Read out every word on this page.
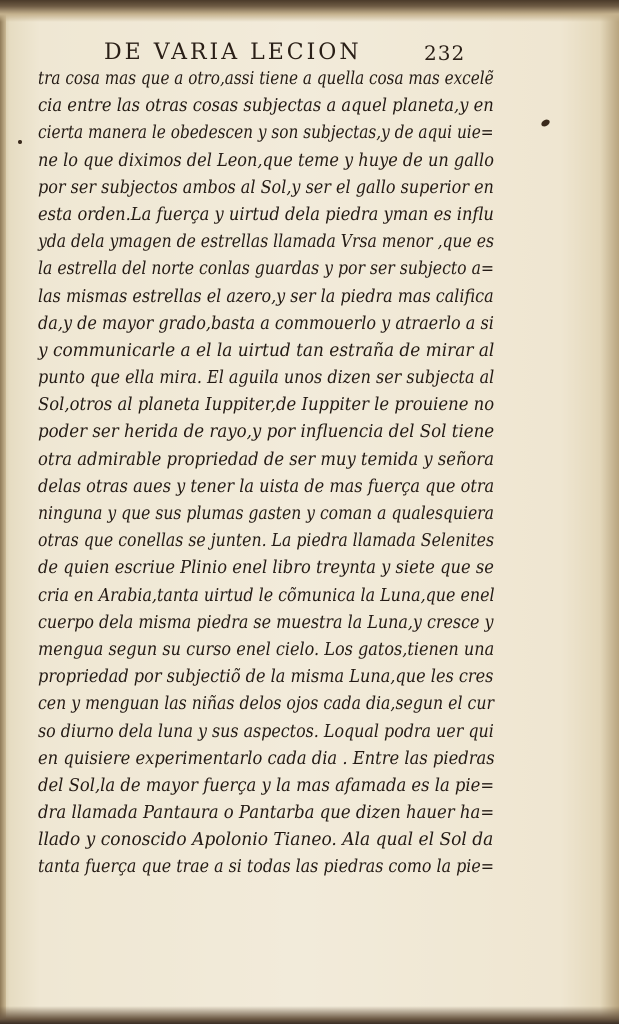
DE VARIA LECION	232
tra cosa mas que a otro,assi tiene a quella cosa mas excelẽ
cia entre las otras cosas subjectas a aquel planeta,y en
cierta manera le obedescen y son subjectas,y de aqui uie=
ne lo que diximos del Leon,que teme y huye de un gallo
por ser subjectos ambos al Sol,y ser el gallo superior en
esta orden.La fuerça y uirtud dela piedra yman es influ
yda dela ymagen de estrellas llamada Vrsa menor ,que es
la estrella del norte conlas guardas y por ser subjecto a=
las mismas estrellas el azero,y ser la piedra mas califica
da,y de mayor grado,basta a commouerlo y atraerlo a si
y communicarle a el la uirtud tan estraña de mirar al
punto que ella mira. El aguila unos dizen ser subjecta al
Sol,otros al planeta Iuppiter,de Iuppiter le prouiene no
poder ser herida de rayo,y por influencia del Sol tiene
otra admirable propriedad de ser muy temida y señora
delas otras aues y tener la uista de mas fuerça que otra
ninguna y que sus plumas gasten y coman a qualesquiera
otras que conellas se junten. La piedra llamada Selenites
de quien escriue Plinio enel libro treynta y siete que se
cria en Arabia,tanta uirtud le cõmunica la Luna,que enel
cuerpo dela misma piedra se muestra la Luna,y cresce y
mengua segun su curso enel cielo. Los gatos,tienen una
propriedad por subjectiõ de la misma Luna,que les cres
cen y menguan las niñas delos ojos cada dia,segun el cur
so diurno dela luna y sus aspectos. Loqual podra uer qui
en quisiere experimentarlo cada dia . Entre las piedras
del Sol,la de mayor fuerça y la mas afamada es la pie=
dra llamada Pantaura o Pantarba que dizen hauer ha=
llado y conoscido Apolonio Tianeo. Ala qual el Sol da
tanta fuerça que trae a si todas las piedras como la pie=
